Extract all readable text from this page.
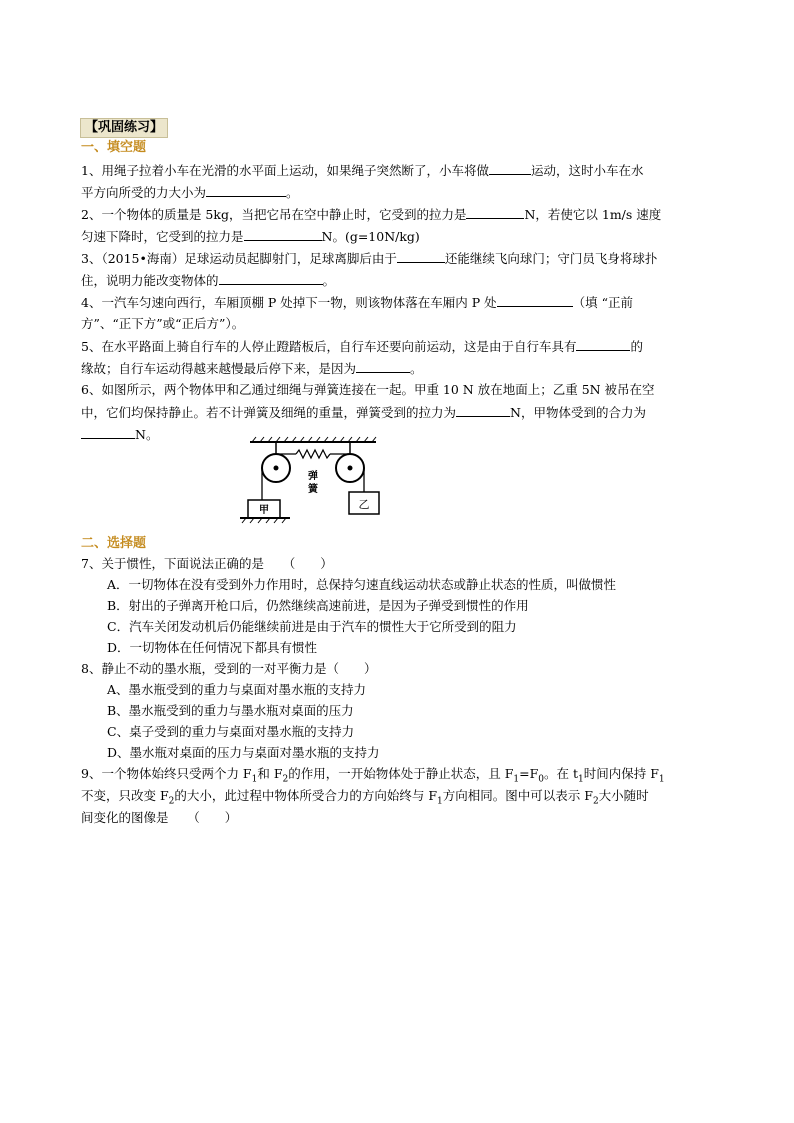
【巩固练习】
一、填空题
1、用绳子拉着小车在光滑的水平面上运动，如果绳子突然断了，小车将做	运动，这时小车在水
平方向所受的力大小为	。
2、一个物体的质量是 5kg，当把它吊在空中静止时，它受到的拉力是	N，若使它以 1m/s 速度
匀速下降时，它受到的拉力是	N。(g=10N/kg)
3、（2015•海南）足球运动员起脚射门，足球离脚后由于	还能继续飞向球门；守门员飞身将球扑
住，说明力能改变物体的	。
4、一汽车匀速向西行，车厢顶棚 P 处掉下一物，则该物体落在车厢内 P 处	（填 “正前
方”、“正下方”或“正后方”）。
5、在水平路面上骑自行车的人停止蹬踏板后，自行车还要向前运动，这是由于自行车具有	的
缘故；自行车运动得越来越慢最后停下来，是因为	。
6、如图所示，两个物体甲和乙通过细绳与弹簧连接在一起。甲重 10 N 放在地面上；乙重 5N 被吊在空
中，它们均保持静止。若不计弹簧及细绳的重量，弹簧受到的拉力为	N，甲物体受到的合力为
N。
弹
簧
甲	乙
二、选择题
7、关于惯性，下面说法正确的是　　（　　）
A．一切物体在没有受到外力作用时，总保持匀速直线运动状态或静止状态的性质，叫做惯性
B．射出的子弹离开枪口后，仍然继续高速前进，是因为子弹受到惯性的作用
C．汽车关闭发动机后仍能继续前进是由于汽车的惯性大于它所受到的阻力
D．一切物体在任何情况下都具有惯性
8、静止不动的墨水瓶，受到的一对平衡力是（　　）
A、墨水瓶受到的重力与桌面对墨水瓶的支持力
B、墨水瓶受到的重力与墨水瓶对桌面的压力
C、桌子受到的重力与桌面对墨水瓶的支持力
D、墨水瓶对桌面的压力与桌面对墨水瓶的支持力
9、一个物体始终只受两个力 $F_1$和 $F_2$的作用，一开始物体处于静止状态，且 $F_1=F_0$。在 $t_1$时间内保持 $F_1$
不变，只改变 $F_2$的大小，此过程中物体所受合力的方向始终与 $F_1$方向相同。图中可以表示 $F_2$大小随时
间变化的图像是　　（　　）
